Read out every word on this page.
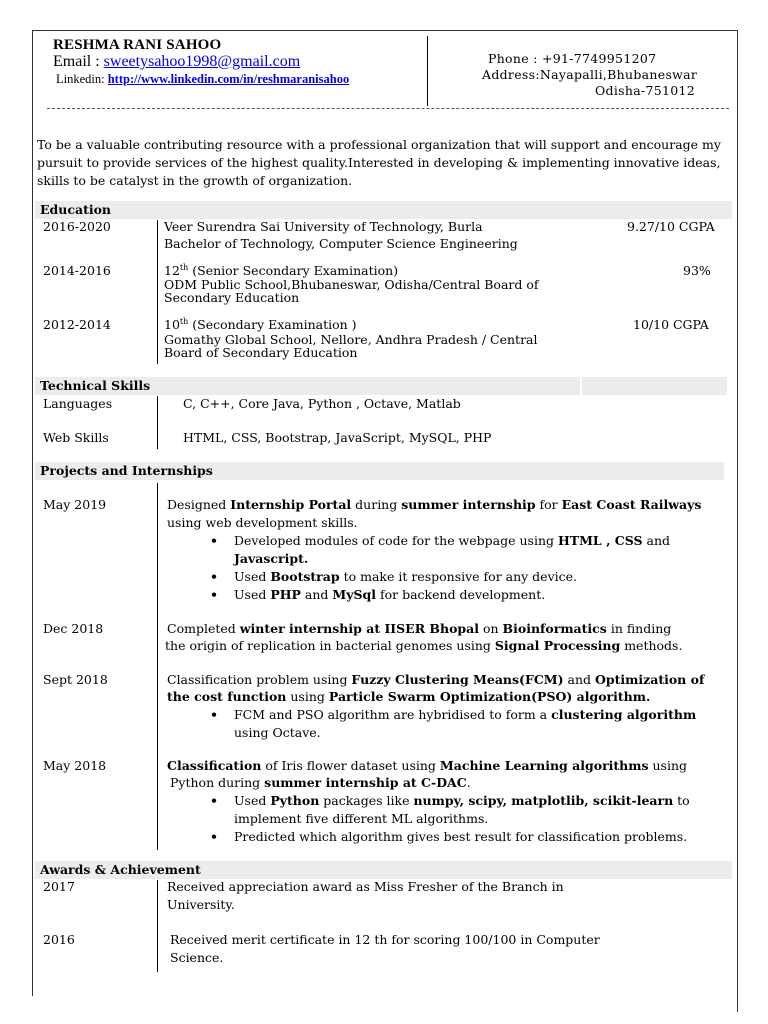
RESHMA RANI SAHOO
Email : sweetysahoo1998@gmail.com
Linkedin: http://www.linkedin.com/in/reshmaranisahoo
Phone : +91-7749951207
Address:Nayapalli,Bhubaneswar
Odisha-751012
To be a valuable contributing resource with a professional organization that will support and encourage my pursuit to provide services of the highest quality.Interested in developing & implementing innovative ideas, skills to be catalyst in the growth of organization.
Education
2016-2020	Veer Surendra Sai University of Technology, Burla
Bachelor of Technology, Computer Science Engineering
9.27/10 CGPA
2014-2016	12th (Senior Secondary Examination)
ODM Public School,Bhubaneswar, Odisha/Central Board of
Secondary Education
93%
2012-2014	10th (Secondary Examination )
Gomathy Global School, Nellore, Andhra Pradesh / Central
Board of Secondary Education
10/10 CGPA
Technical Skills
Languages	C, C++, Core Java, Python , Octave, Matlab
Web Skills	HTML, CSS, Bootstrap, JavaScript, MySQL, PHP
Projects and Internships
May 2019	Designed Internship Portal during summer internship for East Coast Railways
using web development skills.
• Developed modules of code for the webpage using HTML , CSS and
Javascript.
• Used Bootstrap to make it responsive for any device.
• Used PHP and MySql for backend development.
Dec 2018	Completed winter internship at IISER Bhopal on Bioinformatics in finding
the origin of replication in bacterial genomes using Signal Processing methods.
Sept 2018	Classification problem using Fuzzy Clustering Means(FCM) and Optimization of
the cost function using Particle Swarm Optimization(PSO) algorithm.
• FCM and PSO algorithm are hybridised to form a clustering algorithm
using Octave.
May 2018	Classification of Iris flower dataset using Machine Learning algorithms using
Python during summer internship at C-DAC.
• Used Python packages like numpy, scipy, matplotlib, scikit-learn to
implement five different ML algorithms.
• Predicted which algorithm gives best result for classification problems.
Awards & Achievement
2017	Received appreciation award as Miss Fresher of the Branch in
University.
2016	Received merit certificate in 12 th for scoring 100/100 in Computer
Science.
